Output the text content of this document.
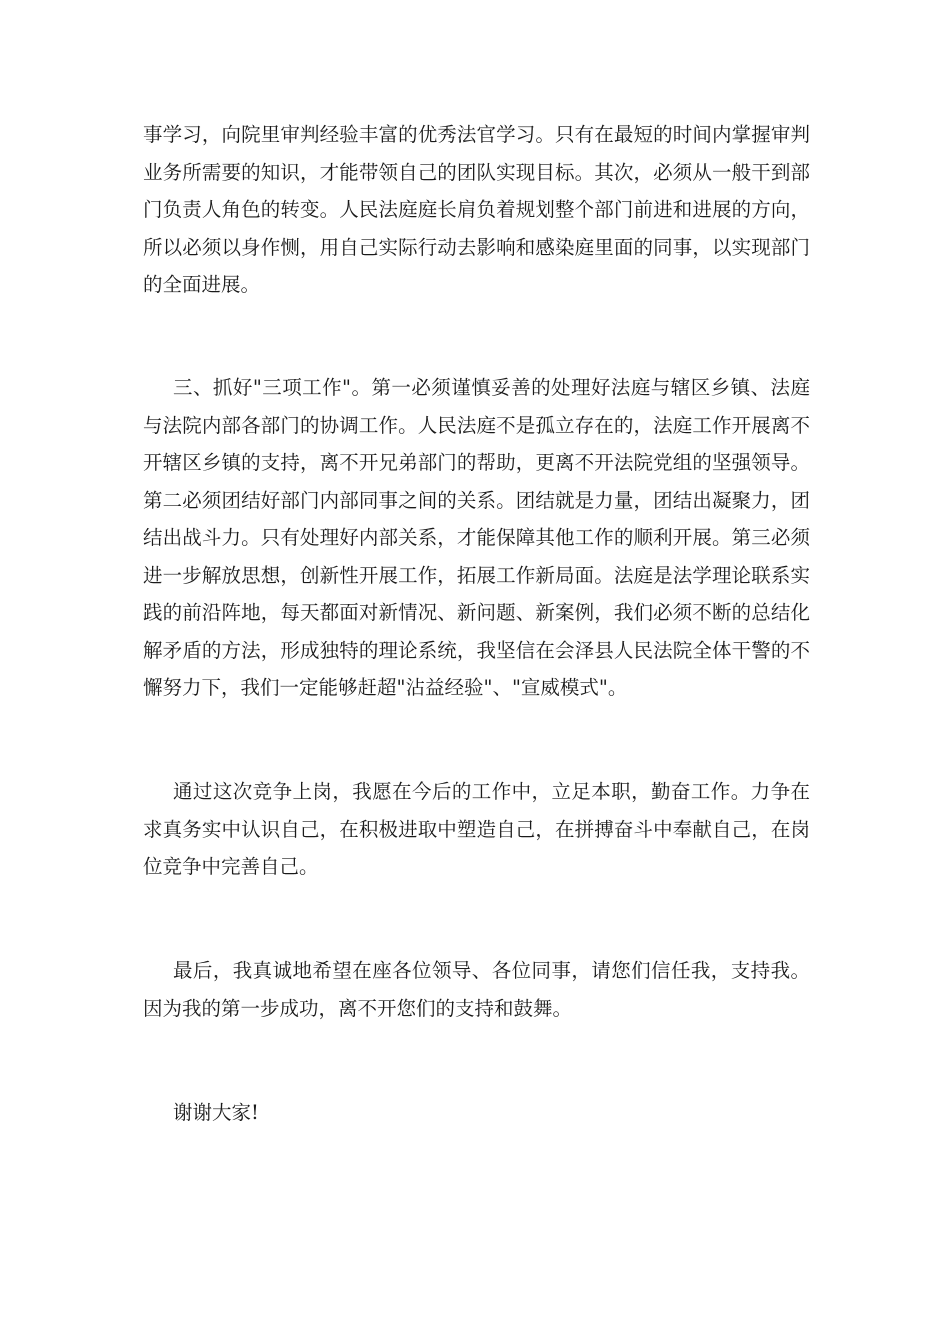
事学习，向院里审判经验丰富的优秀法官学习。只有在最短的时间内掌握审判业务所需要的知识，才能带领自己的团队实现目标。其次，必须从一般干到部门负责人角色的转变。人民法庭庭长肩负着规划整个部门前进和进展的方向，所以必须以身作恻，用自己实际行动去影响和感染庭里面的同事，以实现部门的全面进展。

三、抓好"三项工作"。第一必须谨慎妥善的处理好法庭与辖区乡镇、法庭与法院内部各部门的协调工作。人民法庭不是孤立存在的，法庭工作开展离不开辖区乡镇的支持，离不开兄弟部门的帮助，更离不开法院党组的坚强领导。第二必须团结好部门内部同事之间的关系。团结就是力量，团结出凝聚力，团结出战斗力。只有处理好内部关系，才能保障其他工作的顺利开展。第三必须进一步解放思想，创新性开展工作，拓展工作新局面。法庭是法学理论联系实践的前沿阵地，每天都面对新情况、新问题、新案例，我们必须不断的总结化解矛盾的方法，形成独特的理论系统，我坚信在会泽县人民法院全体干警的不懈努力下，我们一定能够赶超"沾益经验"、"宣威模式"。

通过这次竞争上岗，我愿在今后的工作中，立足本职，勤奋工作。力争在求真务实中认识自己，在积极进取中塑造自己，在拼搏奋斗中奉献自己，在岗位竞争中完善自己。

最后，我真诚地希望在座各位领导、各位同事，请您们信任我，支持我。因为我的第一步成功，离不开您们的支持和鼓舞。

谢谢大家!
